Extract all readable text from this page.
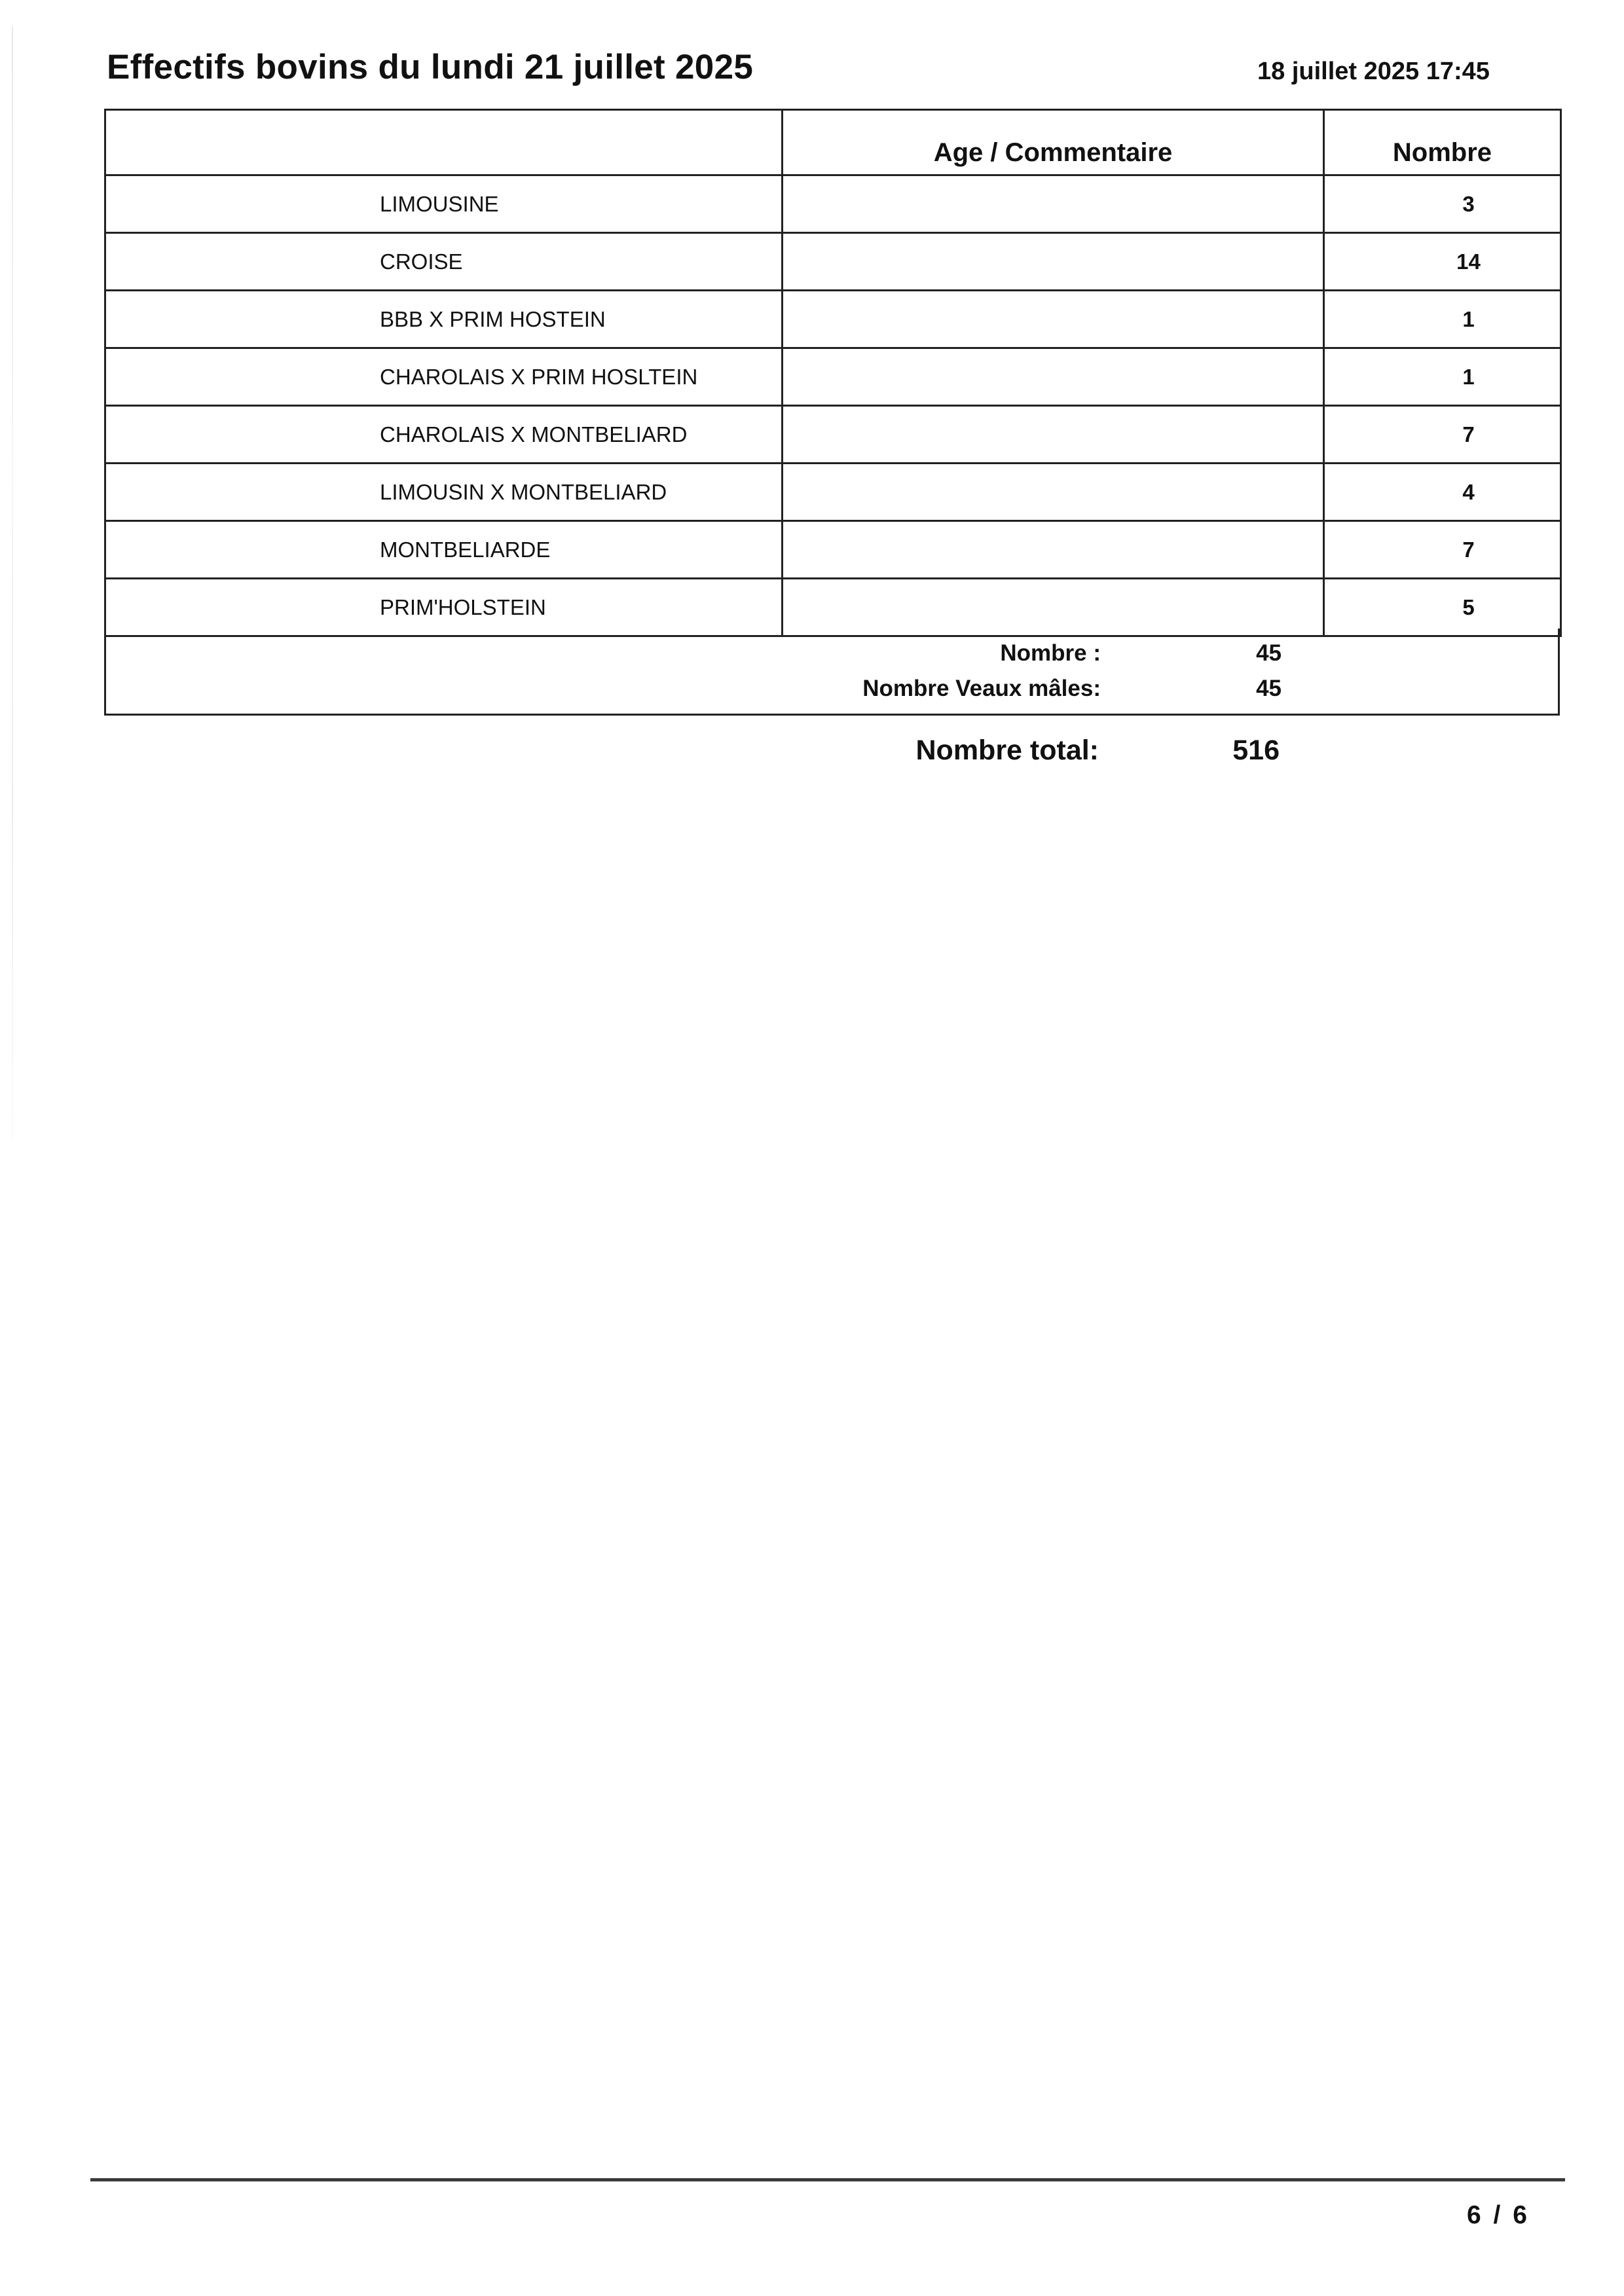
Effectifs bovins du lundi 21 juillet 2025	18 juillet 2025 17:45
	Age / Commentaire	Nombre
LIMOUSINE		3
CROISE		14
BBB X PRIM HOSTEIN		1
CHAROLAIS X PRIM HOSLTEIN		1
CHAROLAIS X MONTBELIARD		7
LIMOUSIN X MONTBELIARD		4
MONTBELIARDE		7
PRIM'HOLSTEIN		5
Nombre :	45
Nombre Veaux mâles:	45
Nombre total:	516
6 / 6
